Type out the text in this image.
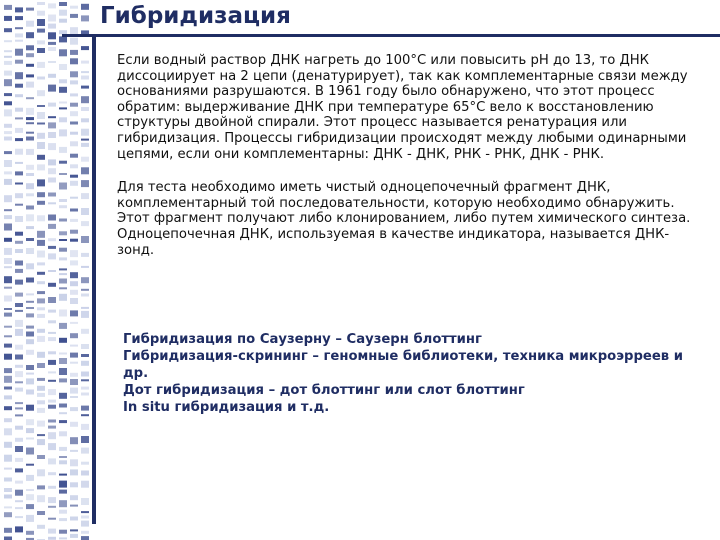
Гибридизация

Если водный раствор ДНК нагреть до 100°С или повысить pH до 13, то ДНК диссоциирует на 2 цепи (денатурирует), так как комплементарные связи между основаниями разрушаются. В 1961 году было обнаружено, что этот процесс обратим: выдерживание ДНК при температуре 65°С вело к восстановлению структуры двойной спирали. Этот процесс называется ренатурация или гибридизация. Процессы гибридизации происходят между любыми одинарными цепями, если они комплементарны: ДНК - ДНК, РНК - РНК, ДНК - РНК.

Для теста необходимо иметь чистый одноцепочечный фрагмент ДНК, комплементарный той последовательности, которую необходимо обнаружить. Этот фрагмент получают либо клонированием, либо путем химического синтеза. Одноцепочечная ДНК, используемая в качестве индикатора, называется ДНК-зонд.

Гибридизация по Саузерну – Саузерн блоттинг
Гибридизация-скрининг – геномные библиотеки, техника микроэрреев и др.
Дот гибридизация – дот блоттинг или слот блоттинг
In situ гибридизация и т.д.
